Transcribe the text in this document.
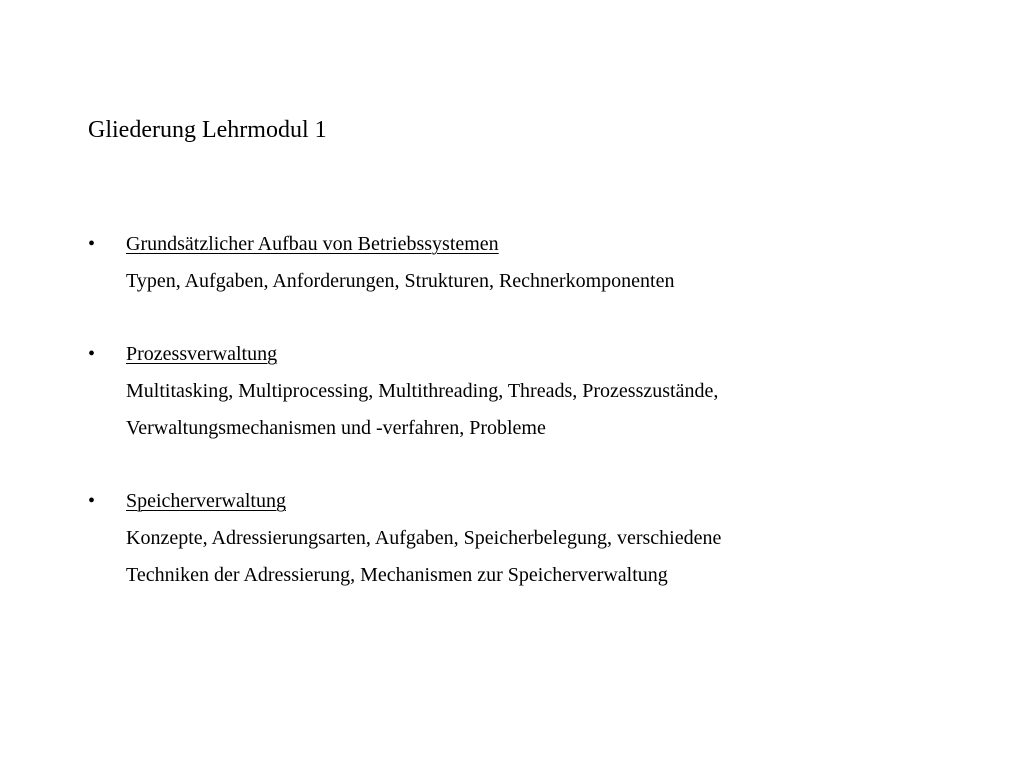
Gliederung Lehrmodul 1
• Grundsätzlicher Aufbau von Betriebssystemen
Typen, Aufgaben, Anforderungen, Strukturen, Rechnerkomponenten
• Prozessverwaltung
Multitasking, Multiprocessing, Multithreading, Threads, Prozesszustände,
Verwaltungsmechanismen und -verfahren, Probleme
• Speicherverwaltung
Konzepte, Adressierungsarten, Aufgaben, Speicherbelegung, verschiedene
Techniken der Adressierung, Mechanismen zur Speicherverwaltung
